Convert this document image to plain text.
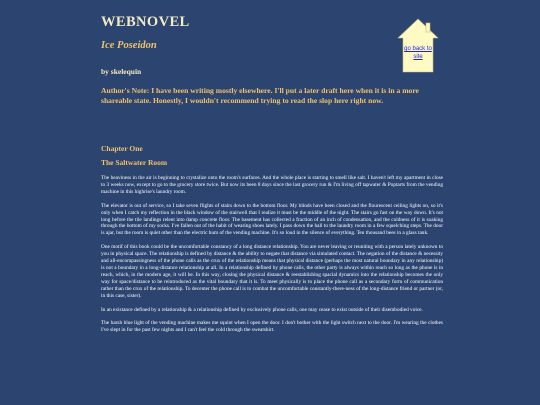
WEBNOVEL
Ice Poseidon

by skelequin

Author's Note: I have been writing mostly elsewhere. I'll put a later draft here when it is in a more shareable state. Honestly, I wouldn't recommend trying to read the slop here right now.

Chapter One
The Saltwater Room

The heaviness in the air is beginning to crystalize onto the room's surfaces. And the whole place is starting to smell like salt. I haven't left my apartment in close to 3 weeks now, except to go to the grocery store twice. But now its been 8 days since the last grocery run & I'm living off tapwater & Poptarts from the vending machine in this highrise's laundry room.

The elevator is out of service, so I take seven flights of stairs down to the bottom floor. My blinds have been closed and the flourescent ceiling lights on, so it's only when I catch my reflection in the black window of the stairwell that I realize it must be the middle of the night. The stairs go fast on the way down. It's not long before the tile landings relent into damp concrete floor. The basement has collected a fraction of an inch of condensation, and the coldness of it is soaking through the bottom of my socks. I've fallen out of the habit of wearing shoes lately. I pass down the hall to the laundry room in a few squelching steps. The door is ajar, but the room is quiet other than the electric hum of the vending machine. It's so loud in the silence of everything. Ten thousand bees in a glass tank.

One motif of this book could be the uncomfortable constancy of a long distance relationship. You are never leaving or reuniting with a person lately unknown to you in physical space. The relationship is defined by distance & the ability to negate that distance via simulated contact. The negation of the distance & necessity and all-encompassingness of the phone calls as the crux of the relationship means that physical distance (perhaps the most natural boundary in any relationship) is not a boundary in a long-distance relationship at all. In a relationship defined by phone calls, the other party is always within reach so long as the phone is in reach, which, in the modern age, it will be. In this way, closing the physical distance & reestablishing spacial dynamics into the relationship becomes the only way for space/distance to be reintroduced as the vital boundary that it is. To meet physically is to place the phone call as a secondary form of communication rather than the crux of the relationship. To decenter the phone call is to combat the uncomfortable constantly-there-ness of the long-distance friend or partner (or, in this case, sister).

In an existance defined by a relationship & a relationship defined by exclusively phone calls, one may cease to exist outside of their disembodied voice.

The harsh blue light of the vending machine makes me squint when I open the door. I don't bother with the light switch next to the door. I'm wearing the clothes I've slept in for the past few nights and I can't feel the cold through the sweatshirt.

go back to site
